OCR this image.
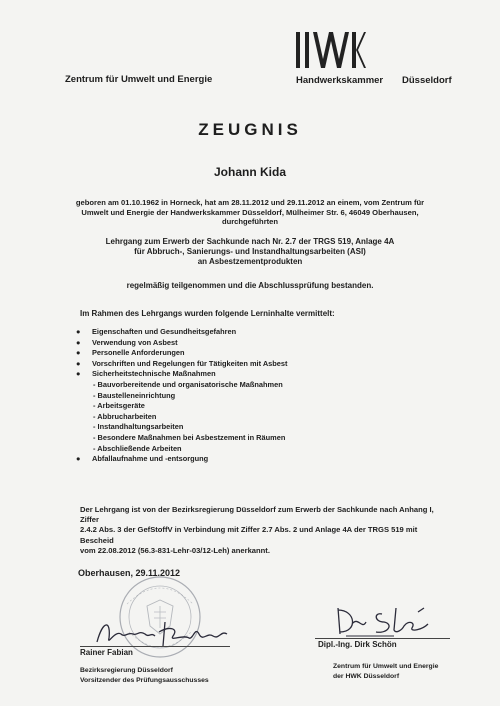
Zentrum für Umwelt und Energie	Handwerkskammer Düsseldorf
ZEUGNIS
Johann Kida
geboren am 01.10.1962 in Horneck, hat am 28.11.2012 und 29.11.2012 an einem, vom Zentrum für
Umwelt und Energie der Handwerkskammer Düsseldorf, Mülheimer Str. 6, 46049 Oberhausen,
durchgeführten
Lehrgang zum Erwerb der Sachkunde nach Nr. 2.7 der TRGS 519, Anlage 4A
für Abbruch-, Sanierungs- und Instandhaltungsarbeiten (ASI)
an Asbestzementprodukten
regelmäßig teilgenommen und die Abschlussprüfung bestanden.
Im Rahmen des Lehrgangs wurden folgende Lerninhalte vermittelt:
● Eigenschaften und Gesundheitsgefahren
● Verwendung von Asbest
● Personelle Anforderungen
● Vorschriften und Regelungen für Tätigkeiten mit Asbest
● Sicherheitstechnische Maßnahmen
- Bauvorbereitende und organisatorische Maßnahmen
- Baustelleneinrichtung
- Arbeitsgeräte
- Abbrucharbeiten
- Instandhaltungsarbeiten
- Besondere Maßnahmen bei Asbestzement in Räumen
- Abschließende Arbeiten
● Abfallaufnahme und -entsorgung
Der Lehrgang ist von der Bezirksregierung Düsseldorf zum Erwerb der Sachkunde nach Anhang I, Ziffer
2.4.2 Abs. 3 der GefStoffV in Verbindung mit Ziffer 2.7 Abs. 2 und Anlage 4A der TRGS 519 mit Bescheid
vom 22.08.2012 (56.3-831-Lehr-03/12-Leh) anerkannt.
Oberhausen, 29.11.2012
Rainer Fabian
Dipl.-Ing. Dirk Schön
Bezirksregierung Düsseldorf
Vorsitzender des Prüfungsausschusses
Zentrum für Umwelt und Energie
der HWK Düsseldorf
